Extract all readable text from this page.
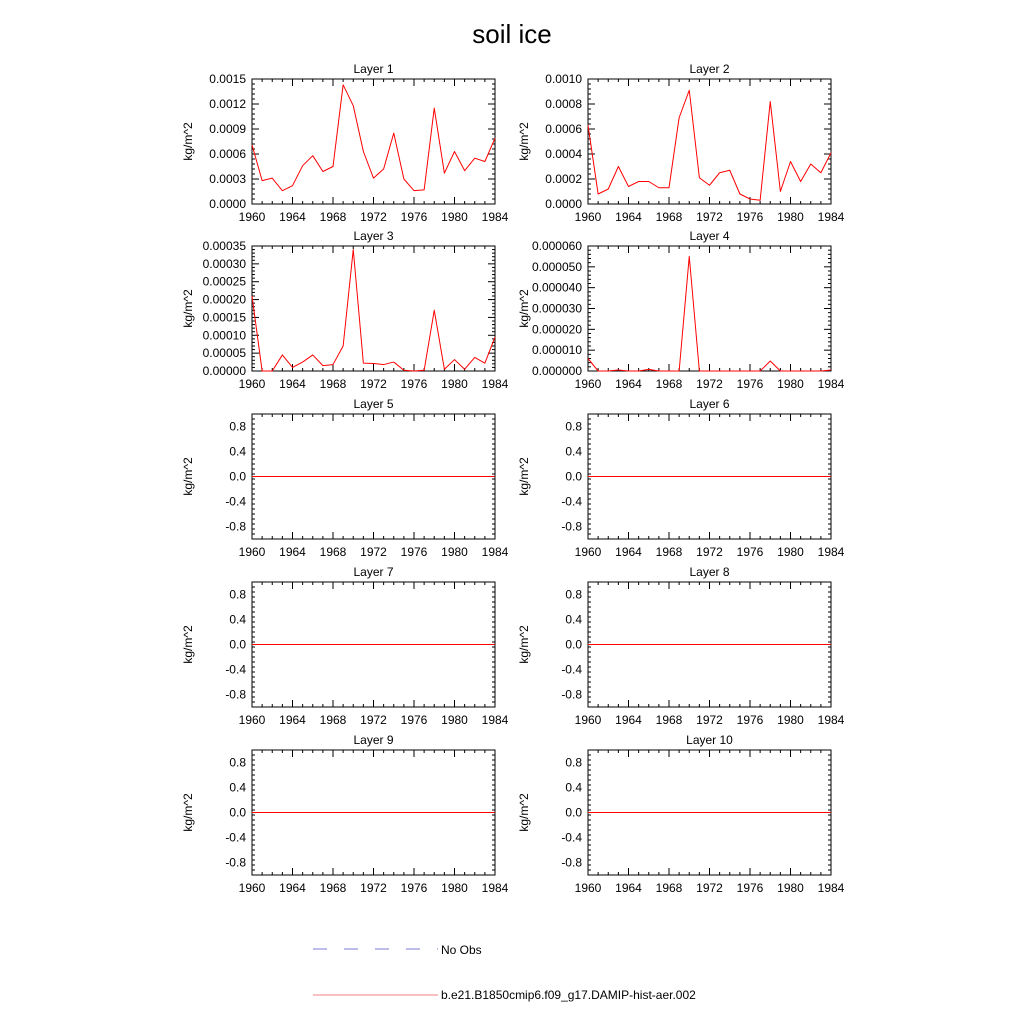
soil ice
Layer 1
kg/m^2
1960 1964 1968 1972 1976 1980 1984
0.0000
0.0003
0.0006
0.0009
0.0012
0.0015
Layer 2
kg/m^2
1960 1964 1968 1972 1976 1980 1984
0.0000
0.0002
0.0004
0.0006
0.0008
0.0010
Layer 3
kg/m^2
1960 1964 1968 1972 1976 1980 1984
0.00000
0.00005
0.00010
0.00015
0.00020
0.00025
0.00030
0.00035
Layer 4
kg/m^2
1960 1964 1968 1972 1976 1980 1984
0.000000
0.000010
0.000020
0.000030
0.000040
0.000050
0.000060
Layer 5
kg/m^2
1960 1964 1968 1972 1976 1980 1984
-0.8
-0.4
0.0
0.4
0.8
Layer 6
kg/m^2
1960 1964 1968 1972 1976 1980 1984
-0.8
-0.4
0.0
0.4
0.8
Layer 7
kg/m^2
1960 1964 1968 1972 1976 1980 1984
-0.8
-0.4
0.0
0.4
0.8
Layer 8
kg/m^2
1960 1964 1968 1972 1976 1980 1984
-0.8
-0.4
0.0
0.4
0.8
Layer 9
kg/m^2
1960 1964 1968 1972 1976 1980 1984
-0.8
-0.4
0.0
0.4
0.8
Layer 10
kg/m^2
1960 1964 1968 1972 1976 1980 1984
-0.8
-0.4
0.0
0.4
0.8
No Obs
b.e21.B1850cmip6.f09_g17.DAMIP-hist-aer.002
